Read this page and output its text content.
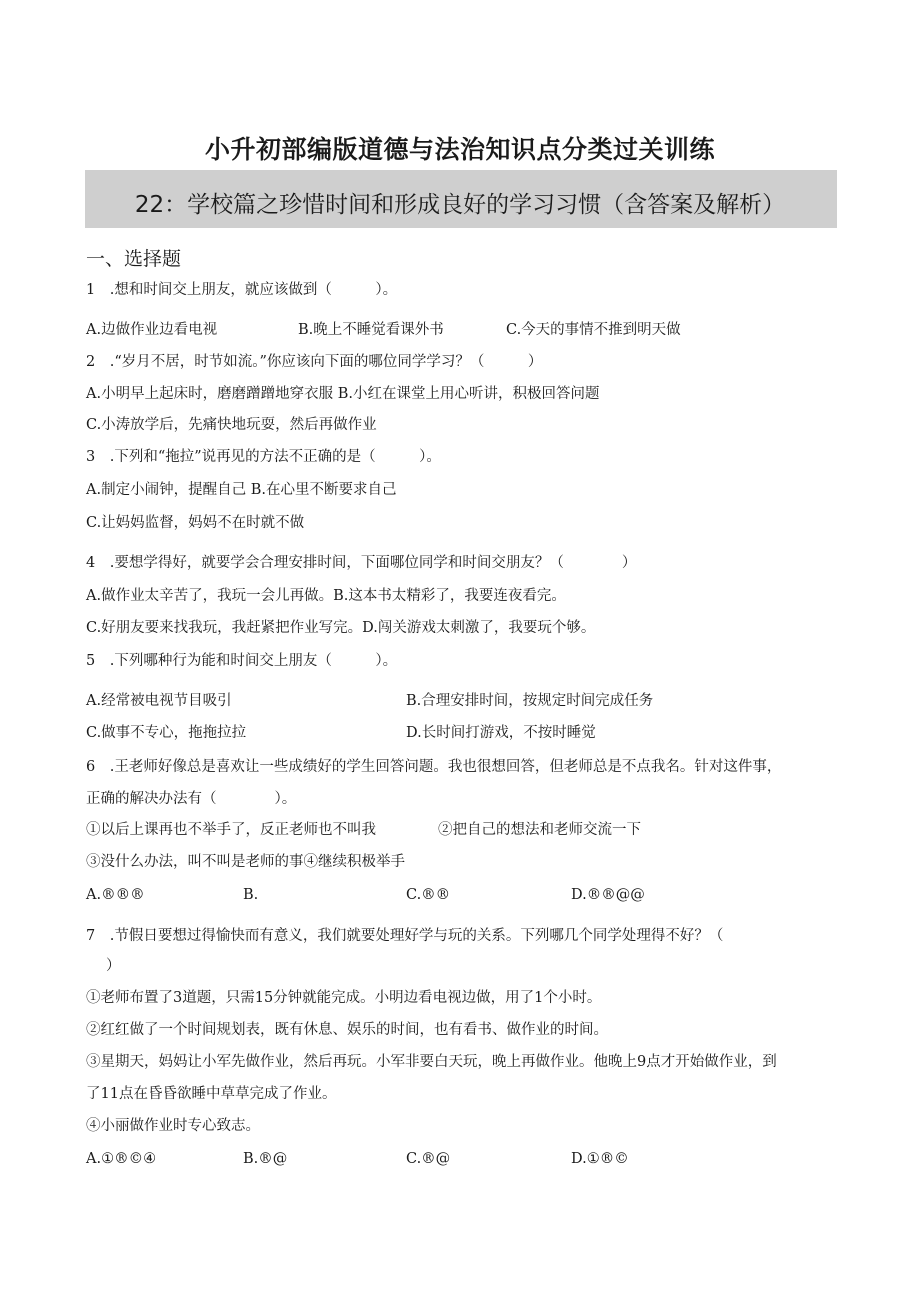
小升初部编版道德与法治知识点分类过关训练
22：学校篇之珍惜时间和形成良好的学习习惯（含答案及解析）
一、选择题
1　.想和时间交上朋友，就应该做到（　　　）。
A.边做作业边看电视	B.晚上不睡觉看课外书	C.今天的事情不推到明天做
2　.“岁月不居，时节如流。”你应该向下面的哪位同学学习？（　　　）
A.小明早上起床时，磨磨蹭蹭地穿衣服 B.小红在课堂上用心听讲，积极回答问题
C.小涛放学后，先痛快地玩耍，然后再做作业
3　.下列和“拖拉”说再见的方法不正确的是（　　　）。
A.制定小闹钟，提醒自己 B.在心里不断要求自己
C.让妈妈监督，妈妈不在时就不做
4　.要想学得好，就要学会合理安排时间，下面哪位同学和时间交朋友？（　　　　）
A.做作业太辛苦了，我玩一会儿再做。B.这本书太精彩了，我要连夜看完。
C.好朋友要来找我玩，我赶紧把作业写完。D.闯关游戏太刺激了，我要玩个够。
5　.下列哪种行为能和时间交上朋友（　　　）。
A.经常被电视节目吸引	B.合理安排时间，按规定时间完成任务
C.做事不专心，拖拖拉拉	D.长时间打游戏，不按时睡觉
6　.王老师好像总是喜欢让一些成绩好的学生回答问题。我也很想回答，但老师总是不点我名。针对这件事，
正确的解决办法有（　　　　）。
①以后上课再也不举手了，反正老师也不叫我	②把自己的想法和老师交流一下
③没什么办法，叫不叫是老师的事④继续积极举手
A.®®®	B.	C.®®	D.®®@@
7　.节假日要想过得愉快而有意义，我们就要处理好学与玩的关系。下列哪几个同学处理得不好？（
）
①老师布置了3道题，只需15分钟就能完成。小明边看电视边做，用了1个小时。
②红红做了一个时间规划表，既有休息、娱乐的时间，也有看书、做作业的时间。
③星期天，妈妈让小军先做作业，然后再玩。小军非要白天玩，晚上再做作业。他晚上9点才开始做作业，到
了11点在昏昏欲睡中草草完成了作业。
④小丽做作业时专心致志。
A.①®©④	B.®@	C.®@	D.①®©
